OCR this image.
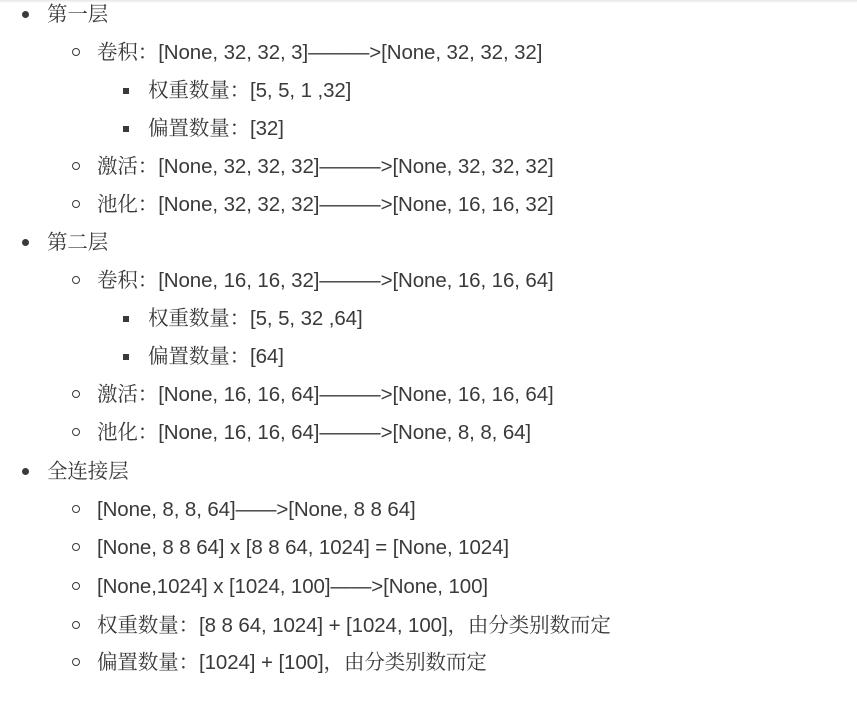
第一层
卷积：[None, 32, 32, 3]———>[None, 32, 32, 32]
权重数量：[5, 5, 1 ,32]
偏置数量：[32]
激活：[None, 32, 32, 32]———>[None, 32, 32, 32]
池化：[None, 32, 32, 32]———>[None, 16, 16, 32]
第二层
卷积：[None, 16, 16, 32]———>[None, 16, 16, 64]
权重数量：[5, 5, 32 ,64]
偏置数量：[64]
激活：[None, 16, 16, 64]———>[None, 16, 16, 64]
池化：[None, 16, 16, 64]———>[None, 8, 8, 64]
全连接层
[None, 8, 8, 64]——>[None, 8 8 64]
[None, 8 8 64] x [8 8 64, 1024] = [None, 1024]
[None,1024] x [1024, 100]——>[None, 100]
权重数量：[8 8 64, 1024] + [1024, 100]，由分类别数而定
偏置数量：[1024] + [100]，由分类别数而定
